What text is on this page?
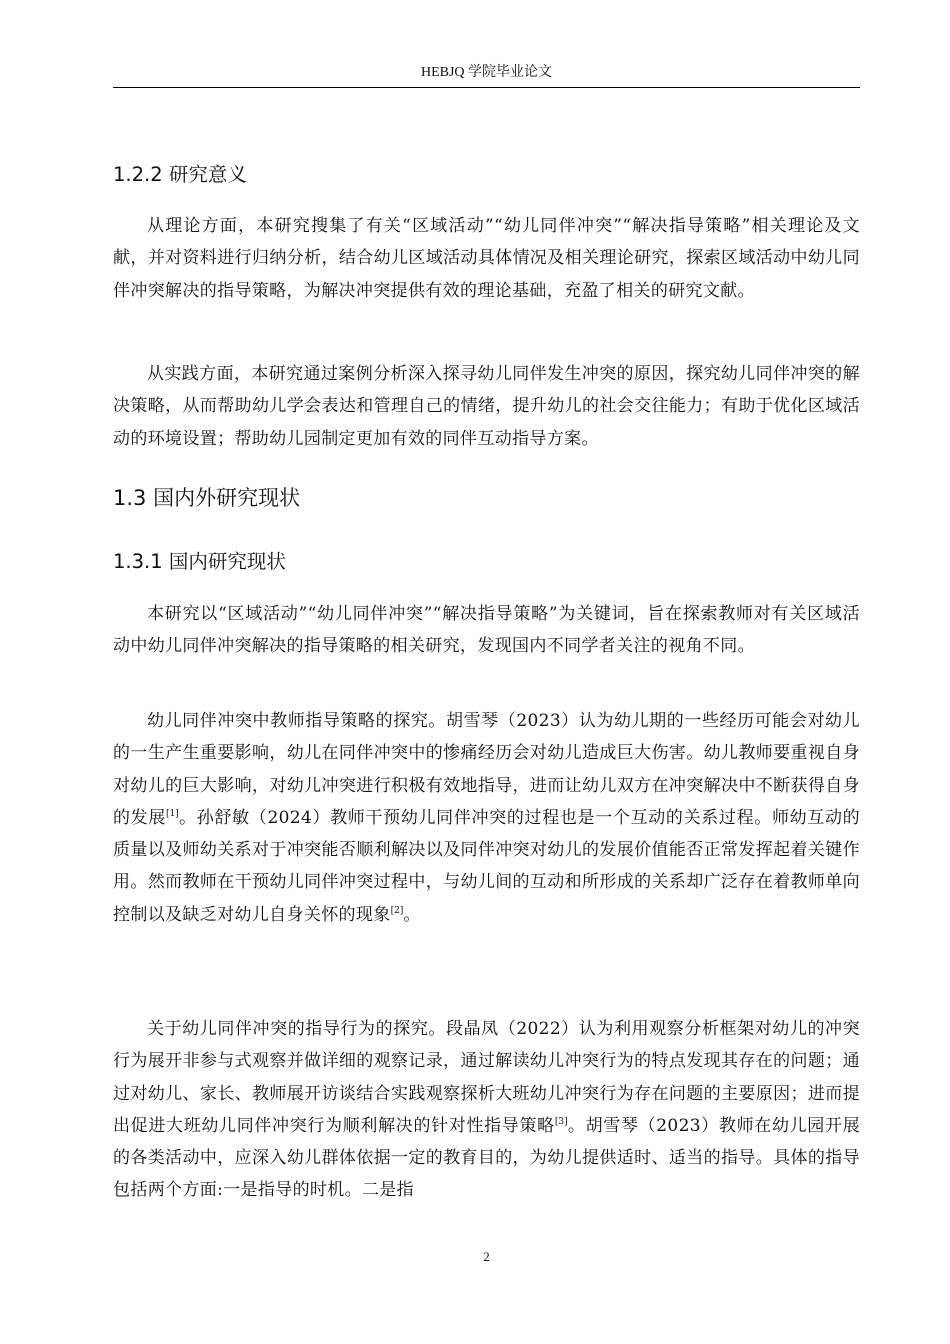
HEBJQ 学院毕业论文
1.2.2 研究意义

从理论方面，本研究搜集了有关“区域活动”“幼儿同伴冲突”“解决指导策略”相关理论及文献，并对资料进行归纳分析，结合幼儿区域活动具体情况及相关理论研究，探索区域活动中幼儿同伴冲突解决的指导策略，为解决冲突提供有效的理论基础，充盈了相关的研究文献。

从实践方面，本研究通过案例分析深入探寻幼儿同伴发生冲突的原因，探究幼儿同伴冲突的解决策略，从而帮助幼儿学会表达和管理自己的情绪，提升幼儿的社会交往能力；有助于优化区域活动的环境设置；帮助幼儿园制定更加有效的同伴互动指导方案。

1.3 国内外研究现状
1.3.1 国内研究现状

本研究以“区域活动”“幼儿同伴冲突”“解决指导策略”为关键词，旨在探索教师对有关区域活动中幼儿同伴冲突解决的指导策略的相关研究，发现国内不同学者关注的视角不同。

幼儿同伴冲突中教师指导策略的探究。胡雪琴（2023）认为幼儿期的一些经历可能会对幼儿的一生产生重要影响，幼儿在同伴冲突中的惨痛经历会对幼儿造成巨大伤害。幼儿教师要重视自身对幼儿的巨大影响，对幼儿冲突进行积极有效地指导，进而让幼儿双方在冲突解决中不断获得自身的发展[1]。孙舒敏（2024）教师干预幼儿同伴冲突的过程也是一个互动的关系过程。师幼互动的质量以及师幼关系对于冲突能否顺利解决以及同伴冲突对幼儿的发展价值能否正常发挥起着关键作用。然而教师在干预幼儿同伴冲突过程中，与幼儿间的互动和所形成的关系却广泛存在着教师单向控制以及缺乏对幼儿自身关怀的现象[2]。

关于幼儿同伴冲突的指导行为的探究。段晶凤（2022）认为利用观察分析框架对幼儿的冲突行为展开非参与式观察并做详细的观察记录，通过解读幼儿冲突行为的特点发现其存在的问题；通过对幼儿、家长、教师展开访谈结合实践观察探析大班幼儿冲突行为存在问题的主要原因；进而提出促进大班幼儿同伴冲突行为顺利解决的针对性指导策略[3]。胡雪琴（2023）教师在幼儿园开展的各类活动中，应深入幼儿群体依据一定的教育目的，为幼儿提供适时、适当的指导。具体的指导包括两个方面:一是指导的时机。二是指

2
